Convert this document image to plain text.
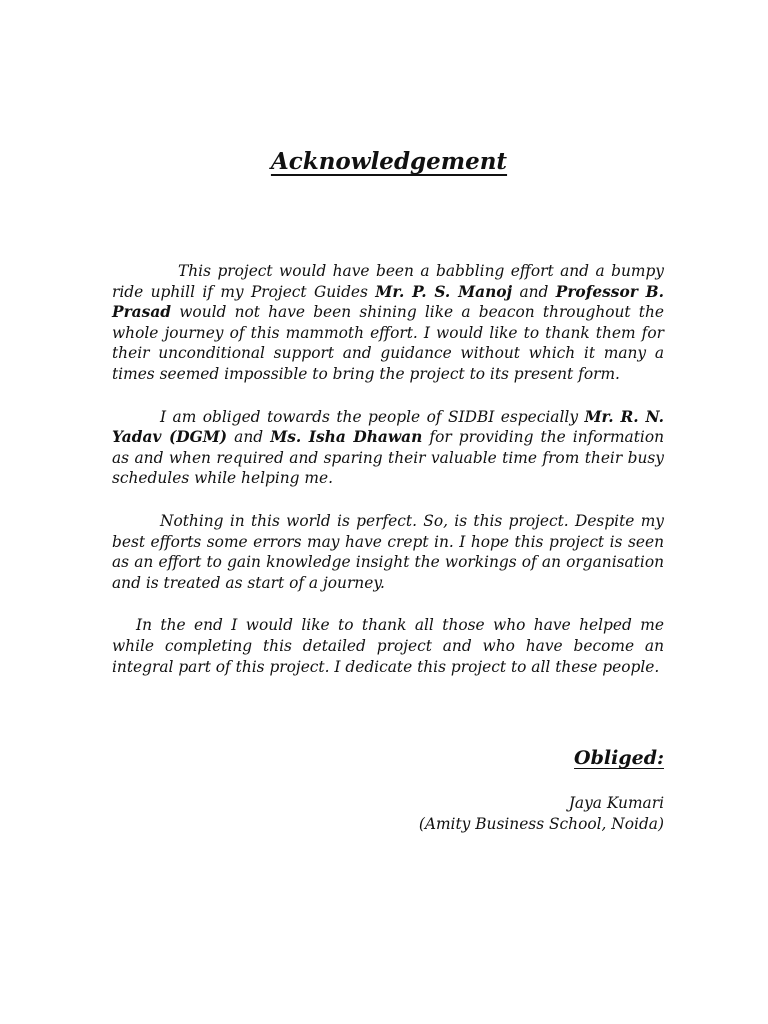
Acknowledgement

This project would have been a babbling effort and a bumpy ride uphill if my Project Guides Mr. P. S. Manoj and Professor B. Prasad would not have been shining like a beacon throughout the whole journey of this mammoth effort. I would like to thank them for their unconditional support and guidance without which it many a times seemed impossible to bring the project to its present form.

I am obliged towards the people of SIDBI especially Mr. R. N. Yadav (DGM) and Ms. Isha Dhawan for providing the information as and when required and sparing their valuable time from their busy schedules while helping me.

Nothing in this world is perfect. So, is this project. Despite my best efforts some errors may have crept in. I hope this project is seen as an effort to gain knowledge insight the workings of an organisation and is treated as start of a journey.

In the end I would like to thank all those who have helped me while completing this detailed project and who have become an integral part of this project. I dedicate this project to all these people.

Obliged:

Jaya Kumari

(Amity Business School, Noida)
